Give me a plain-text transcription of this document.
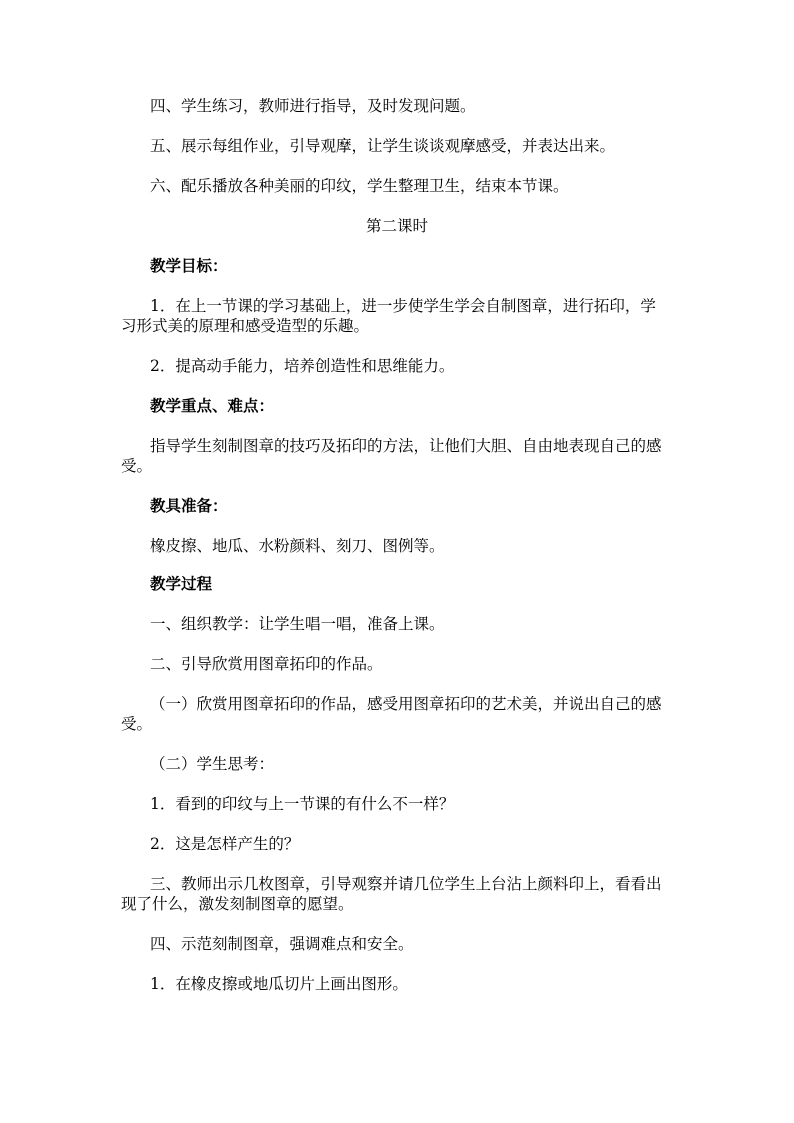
四、学生练习，教师进行指导，及时发现问题。

五、展示每组作业，引导观摩，让学生谈谈观摩感受，并表达出来。

六、配乐播放各种美丽的印纹，学生整理卫生，结束本节课。

第二课时

教学目标：

1．在上一节课的学习基础上，进一步使学生学会自制图章，进行拓印，学

习形式美的原理和感受造型的乐趣。

2．提高动手能力，培养创造性和思维能力。

教学重点、难点：

指导学生刻制图章的技巧及拓印的方法，让他们大胆、自由地表现自己的感

受。

教具准备：

橡皮擦、地瓜、水粉颜料、刻刀、图例等。

教学过程

一、组织教学：让学生唱一唱，准备上课。

二、引导欣赏用图章拓印的作品。

（一）欣赏用图章拓印的作品，感受用图章拓印的艺术美，并说出自己的感

受。

（二）学生思考：

1．看到的印纹与上一节课的有什么不一样？

2．这是怎样产生的？

三、教师出示几枚图章，引导观察并请几位学生上台沾上颜料印上，看看出

现了什么，激发刻制图章的愿望。

四、示范刻制图章，强调难点和安全。

1．在橡皮擦或地瓜切片上画出图形。
